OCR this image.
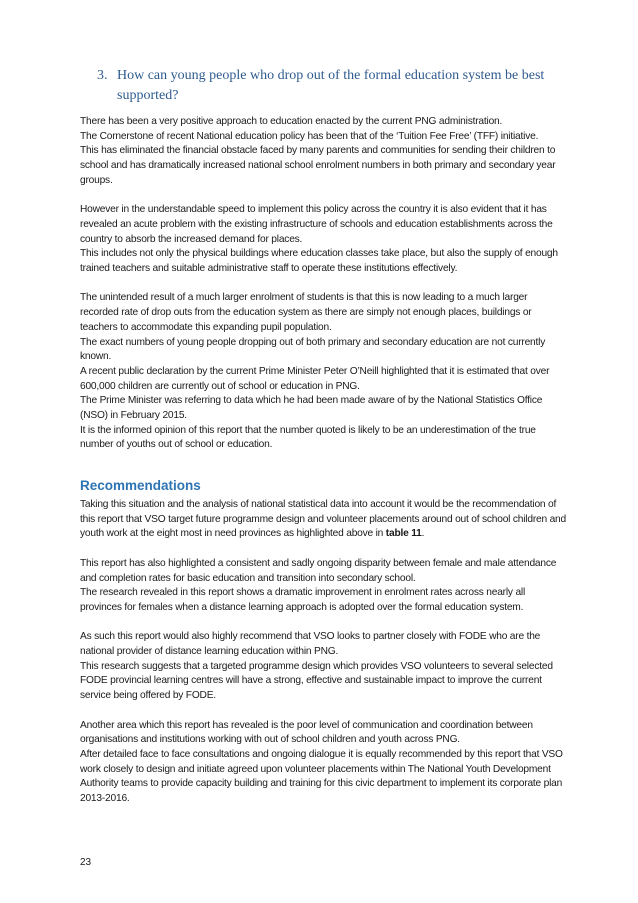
3. How can young people who drop out of the formal education system be best supported?

There has been a very positive approach to education enacted by the current PNG administration.

The Cornerstone of recent National education policy has been that of the ‘Tuition Fee Free’ (TFF) initiative.

This has eliminated the financial obstacle faced by many parents and communities for sending their children to school and has dramatically increased national school enrolment numbers in both primary and secondary year groups.

However in the understandable speed to implement this policy across the country it is also evident that it has revealed an acute problem with the existing infrastructure of schools and education establishments across the country to absorb the increased demand for places.

This includes not only the physical buildings where education classes take place, but also the supply of enough trained teachers and suitable administrative staff to operate these institutions effectively.

The unintended result of a much larger enrolment of students is that this is now leading to a much larger recorded rate of drop outs from the education system as there are simply not enough places, buildings or teachers to accommodate this expanding pupil population.

The exact numbers of young people dropping out of both primary and secondary education are not currently known.

A recent public declaration by the current Prime Minister Peter O’Neill highlighted that it is estimated that over 600,000 children are currently out of school or education in PNG.

The Prime Minister was referring to data which he had been made aware of by the National Statistics Office (NSO) in February 2015.

It is the informed opinion of this report that the number quoted is likely to be an underestimation of the true number of youths out of school or education.

Recommendations

Taking this situation and the analysis of national statistical data into account it would be the recommendation of this report that VSO target future programme design and volunteer placements around out of school children and youth work at the eight most in need provinces as highlighted above in table 11.

This report has also highlighted a consistent and sadly ongoing disparity between female and male attendance and completion rates for basic education and transition into secondary school.

The research revealed in this report shows a dramatic improvement in enrolment rates across nearly all provinces for females when a distance learning approach is adopted over the formal education system.

As such this report would also highly recommend that VSO looks to partner closely with FODE who are the national provider of distance learning education within PNG.

This research suggests that a targeted programme design which provides VSO volunteers to several selected FODE provincial learning centres will have a strong, effective and sustainable impact to improve the current service being offered by FODE.

Another area which this report has revealed is the poor level of communication and coordination between organisations and institutions working with out of school children and youth across PNG.

After detailed face to face consultations and ongoing dialogue it is equally recommended by this report that VSO work closely to design and initiate agreed upon volunteer placements within The National Youth Development Authority teams to provide capacity building and training for this civic department to implement its corporate plan 2013-2016.

23
